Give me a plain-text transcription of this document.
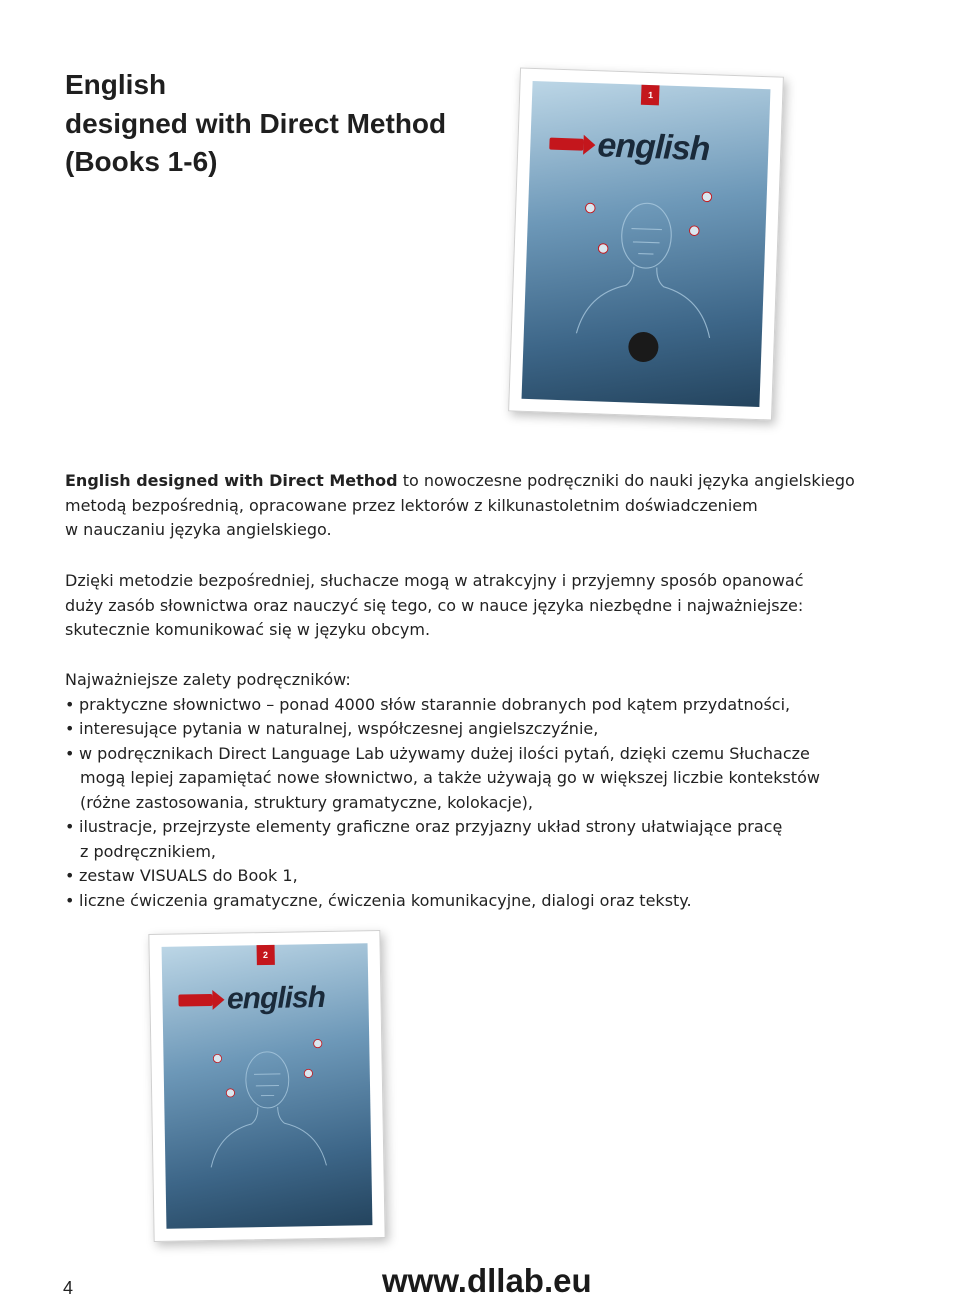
English
designed with Direct Method
(Books 1-6)
1
english

English designed with Direct Method to nowoczesne podręczniki do nauki języka angielskiego
metodą bezpośrednią, opracowane przez lektorów z kilkunastoletnim doświadczeniem
w nauczaniu języka angielskiego.

Dzięki metodzie bezpośredniej, słuchacze mogą w atrakcyjny i przyjemny sposób opanować
duży zasób słownictwa oraz nauczyć się tego, co w nauce języka niezbędne i najważniejsze:
skutecznie komunikować się w języku obcym.

Najważniejsze zalety podręczników:
• praktyczne słownictwo – ponad 4000 słów starannie dobranych pod kątem przydatności,
• interesujące pytania w naturalnej, współczesnej angielszczyźnie,
• w podręcznikach Direct Language Lab używamy dużej ilości pytań, dzięki czemu Słuchacze
mogą lepiej zapamiętać nowe słownictwo, a także używają go w większej liczbie kontekstów
(różne zastosowania, struktury gramatyczne, kolokacje),
• ilustracje, przejrzyste elementy graficzne oraz przyjazny układ strony ułatwiające pracę
z podręcznikiem,
• zestaw VISUALS do Book 1,
• liczne ćwiczenia gramatyczne, ćwiczenia komunikacyjne, dialogi oraz teksty.
2
english
4	www.dllab.eu
